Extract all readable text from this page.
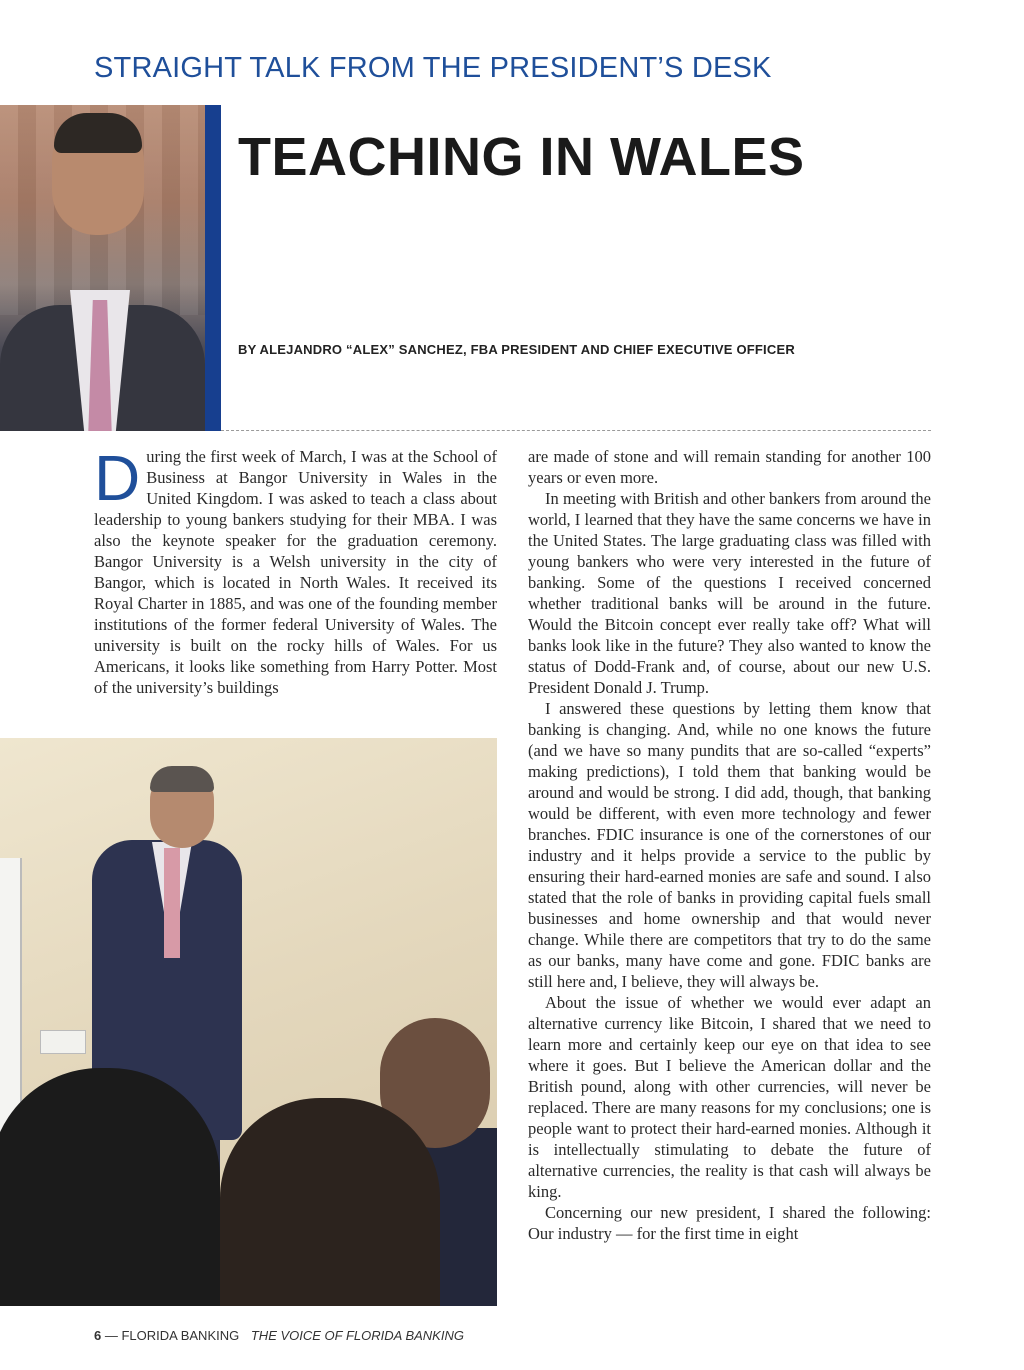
STRAIGHT TALK FROM THE PRESIDENT’S DESK
TEACHING IN WALES
BY ALEJANDRO “ALEX” SANCHEZ, FBA PRESIDENT AND CHIEF EXECUTIVE OFFICER

During the first week of March, I was at the School of Business at Bangor University in Wales in the United Kingdom. I was asked to teach a class about leadership to young bankers studying for their MBA. I was also the keynote speaker for the graduation ceremony. Bangor University is a Welsh university in the city of Bangor, which is located in North Wales. It received its Royal Charter in 1885, and was one of the founding member institutions of the former federal University of Wales. The university is built on the rocky hills of Wales. For us Americans, it looks like something from Harry Potter. Most of the university’s buildings

are made of stone and will remain standing for another 100 years or even more.

In meeting with British and other bankers from around the world, I learned that they have the same concerns we have in the United States. The large graduating class was filled with young bankers who were very interested in the future of banking. Some of the questions I received concerned whether traditional banks will be around in the future. Would the Bitcoin concept ever really take off? What will banks look like in the future? They also wanted to know the status of Dodd-Frank and, of course, about our new U.S. President Donald J. Trump.

I answered these questions by letting them know that banking is changing. And, while no one knows the future (and we have so many pundits that are so-called “experts” making predictions), I told them that banking would be around and would be strong. I did add, though, that banking would be different, with even more technology and fewer branches. FDIC insurance is one of the cornerstones of our industry and it helps provide a service to the public by ensuring their hard-earned monies are safe and sound. I also stated that the role of banks in providing capital fuels small businesses and home ownership and that would never change. While there are competitors that try to do the same as our banks, many have come and gone. FDIC banks are still here and, I believe, they will always be.

About the issue of whether we would ever adapt an alternative currency like Bitcoin, I shared that we need to learn more and certainly keep our eye on that idea to see where it goes. But I believe the American dollar and the British pound, along with other currencies, will never be replaced. There are many reasons for my conclusions; one is people want to protect their hard-earned monies. Although it is intellectually stimulating to debate the future of alternative currencies, the reality is that cash will always be king.

Concerning our new president, I shared the following: Our industry — for the first time in eight

6 — FLORIDA BANKING THE VOICE OF FLORIDA BANKING
